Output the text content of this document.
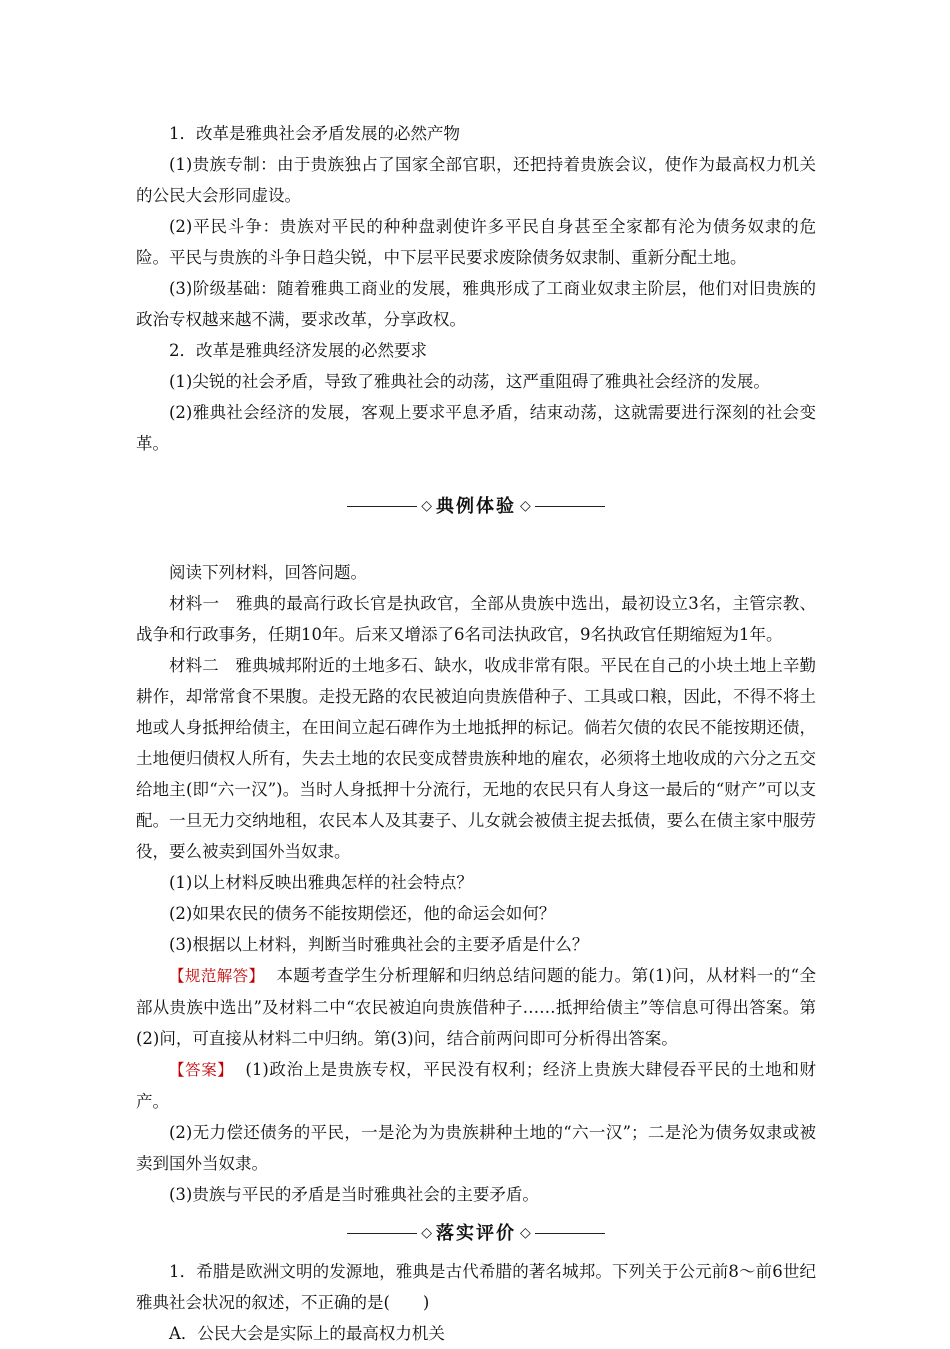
1．改革是雅典社会矛盾发展的必然产物

(1)贵族专制：由于贵族独占了国家全部官职，还把持着贵族会议，使作为最高权力机关的公民大会形同虚设。

(2)平民斗争：贵族对平民的种种盘剥使许多平民自身甚至全家都有沦为债务奴隶的危险。平民与贵族的斗争日趋尖锐，中下层平民要求废除债务奴隶制、重新分配土地。

(3)阶级基础：随着雅典工商业的发展，雅典形成了工商业奴隶主阶层，他们对旧贵族的政治专权越来越不满，要求改革，分享政权。

2．改革是雅典经济发展的必然要求

(1)尖锐的社会矛盾，导致了雅典社会的动荡，这严重阻碍了雅典社会经济的发展。

(2)雅典社会经济的发展，客观上要求平息矛盾，结束动荡，这就需要进行深刻的社会变革。

◇ 典例体验 ◇

阅读下列材料，回答问题。

材料一　雅典的最高行政长官是执政官，全部从贵族中选出，最初设立3名，主管宗教、战争和行政事务，任期10年。后来又增添了6名司法执政官，9名执政官任期缩短为1年。

材料二　雅典城邦附近的土地多石、缺水，收成非常有限。平民在自己的小块土地上辛勤耕作，却常常食不果腹。走投无路的农民被迫向贵族借种子、工具或口粮，因此，不得不将土地或人身抵押给债主，在田间立起石碑作为土地抵押的标记。倘若欠债的农民不能按期还债，土地便归债权人所有，失去土地的农民变成替贵族种地的雇农，必须将土地收成的六分之五交给地主(即“六一汉”)。当时人身抵押十分流行，无地的农民只有人身这一最后的“财产”可以支配。一旦无力交纳地租，农民本人及其妻子、儿女就会被债主捉去抵债，要么在债主家中服劳役，要么被卖到国外当奴隶。

(1)以上材料反映出雅典怎样的社会特点？

(2)如果农民的债务不能按期偿还，他的命运会如何？

(3)根据以上材料，判断当时雅典社会的主要矛盾是什么？

【规范解答】 本题考查学生分析理解和归纳总结问题的能力。第(1)问，从材料一的“全部从贵族中选出”及材料二中“农民被迫向贵族借种子……抵押给债主”等信息可得出答案。第(2)问，可直接从材料二中归纳。第(3)问，结合前两问即可分析得出答案。

【答案】 (1)政治上是贵族专权，平民没有权利；经济上贵族大肆侵吞平民的土地和财产。

(2)无力偿还债务的平民，一是沦为为贵族耕种土地的“六一汉”；二是沦为债务奴隶或被卖到国外当奴隶。

(3)贵族与平民的矛盾是当时雅典社会的主要矛盾。

◇ 落实评价 ◇

1．希腊是欧洲文明的发源地，雅典是古代希腊的著名城邦。下列关于公元前8～前6世纪雅典社会状况的叙述，不正确的是(　　)

A．公民大会是实际上的最高权力机关
